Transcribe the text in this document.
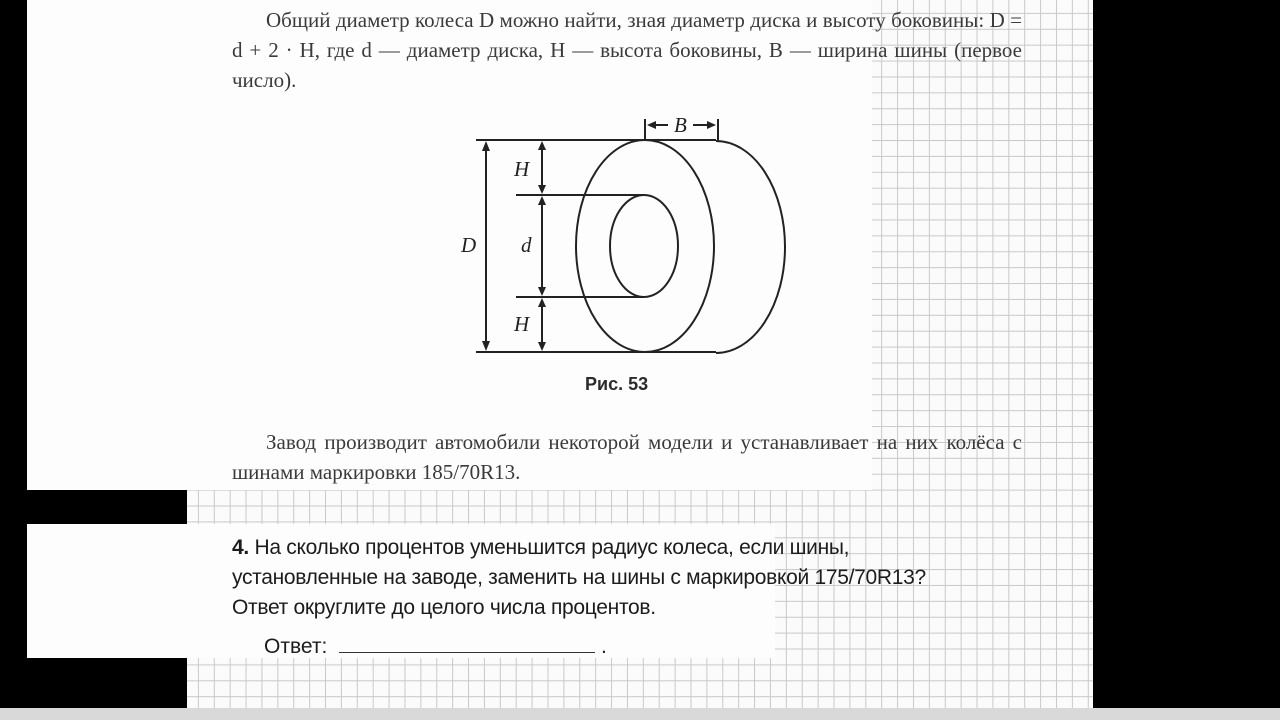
Общий диаметр колеса D можно найти, зная диаметр диска и высоту боковины: D = d + 2 · H, где d — диаметр диска, H — высота боковины, B — ширина шины (первое число).

B
H
d
D
H
Рис. 53

Завод производит автомобили некоторой модели и устанавливает на них колёса с шинами маркировки 185/70R13.

4. На сколько процентов уменьшится радиус колеса, если шины, установленные на заводе, заменить на шины с маркировкой 175/70R13? Ответ округлите до целого числа процентов.
Ответ:	.
